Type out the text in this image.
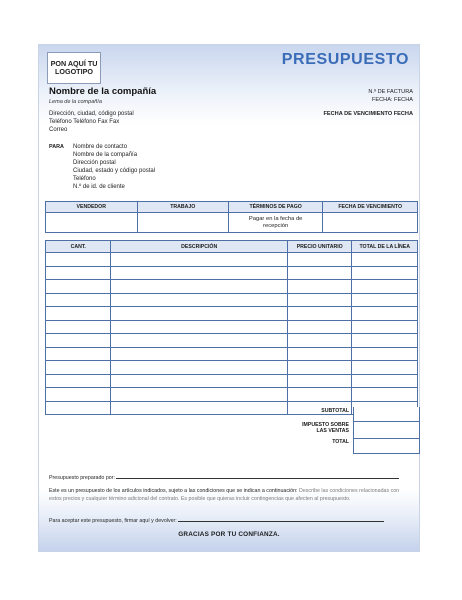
PON AQUÍ TU
LOGOTIPO
PRESUPUESTO
Nombre de la compañía
Lema de la compañía
N.º DE FACTURA
FECHA: FECHA
FECHA DE VENCIMIENTO FECHA
Dirección, ciudad, código postal
Teléfono Teléfono Fax Fax
Correo
PARA Nombre de contacto
Nombre de la compañía
Dirección postal
Ciudad, estado y código postal
Teléfono
N.º de id. de cliente
VENDEDOR	TRABAJO	TÉRMINOS DE PAGO	FECHA DE VENCIMIENTO

		Pagar en la fecha de recepción	

CANT.	DESCRIPCIÓN	PRECIO UNITARIO	TOTAL DE LA LÍNEA

SUBTOTAL
IMPUESTO SOBRE LAS VENTAS
TOTAL
Presupuesto preparado por:
Este es un presupuesto de los artículos indicados, sujeto a las condiciones que se indican a continuación: Describe las condiciones relacionadas con estos precios y cualquier término adicional del contrato. Es posible que quieras incluir contingencias que afecten al presupuesto.
Para aceptar este presupuesto, firmar aquí y devolver:
GRACIAS POR TU CONFIANZA.
